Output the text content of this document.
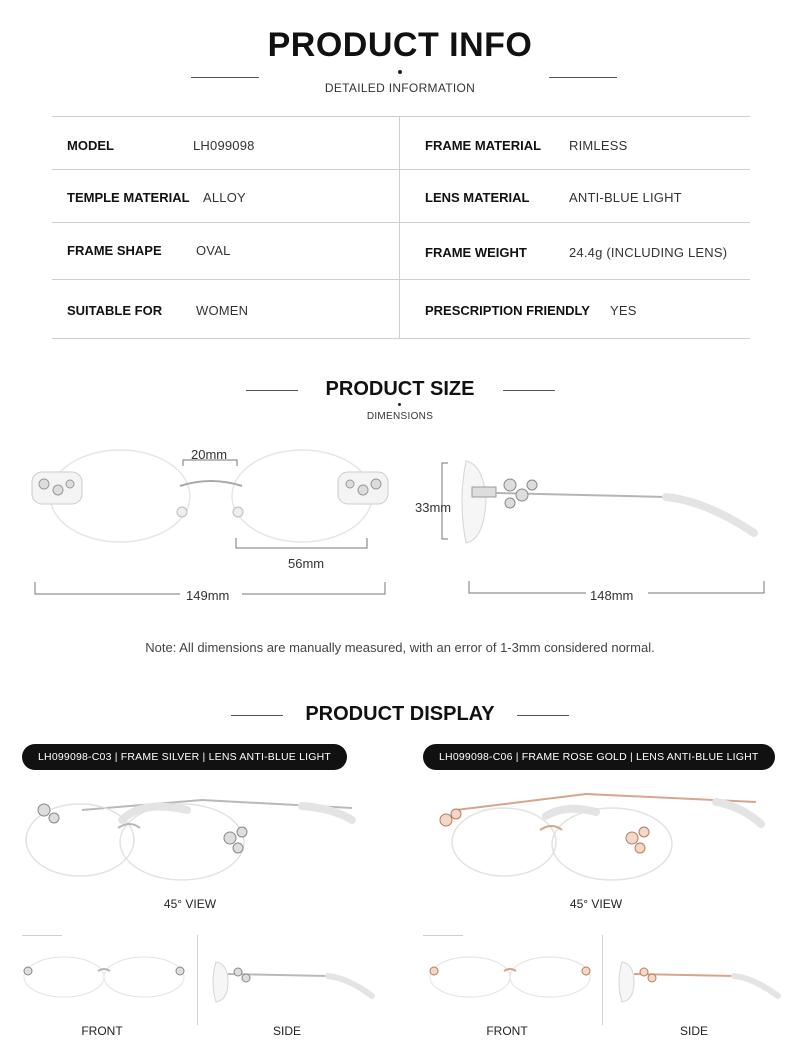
PRODUCT INFO
DETAILED INFORMATION
MODEL	LH099098	FRAME MATERIAL RIMLESS
TEMPLE MATERIAL ALLOY	LENS MATERIAL	ANTI-BLUE LIGHT
FRAME SHAPE	OVAL	FRAME WEIGHT	24.4g (INCLUDING LENS)
SUITABLE FOR	WOMEN	PRESCRIPTION FRIENDLY YES
PRODUCT SIZE
DIMENSIONS
20mm
56mm
149mm
33mm
148mm
Note: All dimensions are manually measured, with an error of 1-3mm considered normal.
PRODUCT DISPLAY
LH099098-C03 | FRAME SILVER | LENS ANTI-BLUE LIGHT
45° VIEW
FRONT	SIDE
LH099098-C06 | FRAME ROSE GOLD | LENS ANTI-BLUE LIGHT
45° VIEW
FRONT	SIDE
